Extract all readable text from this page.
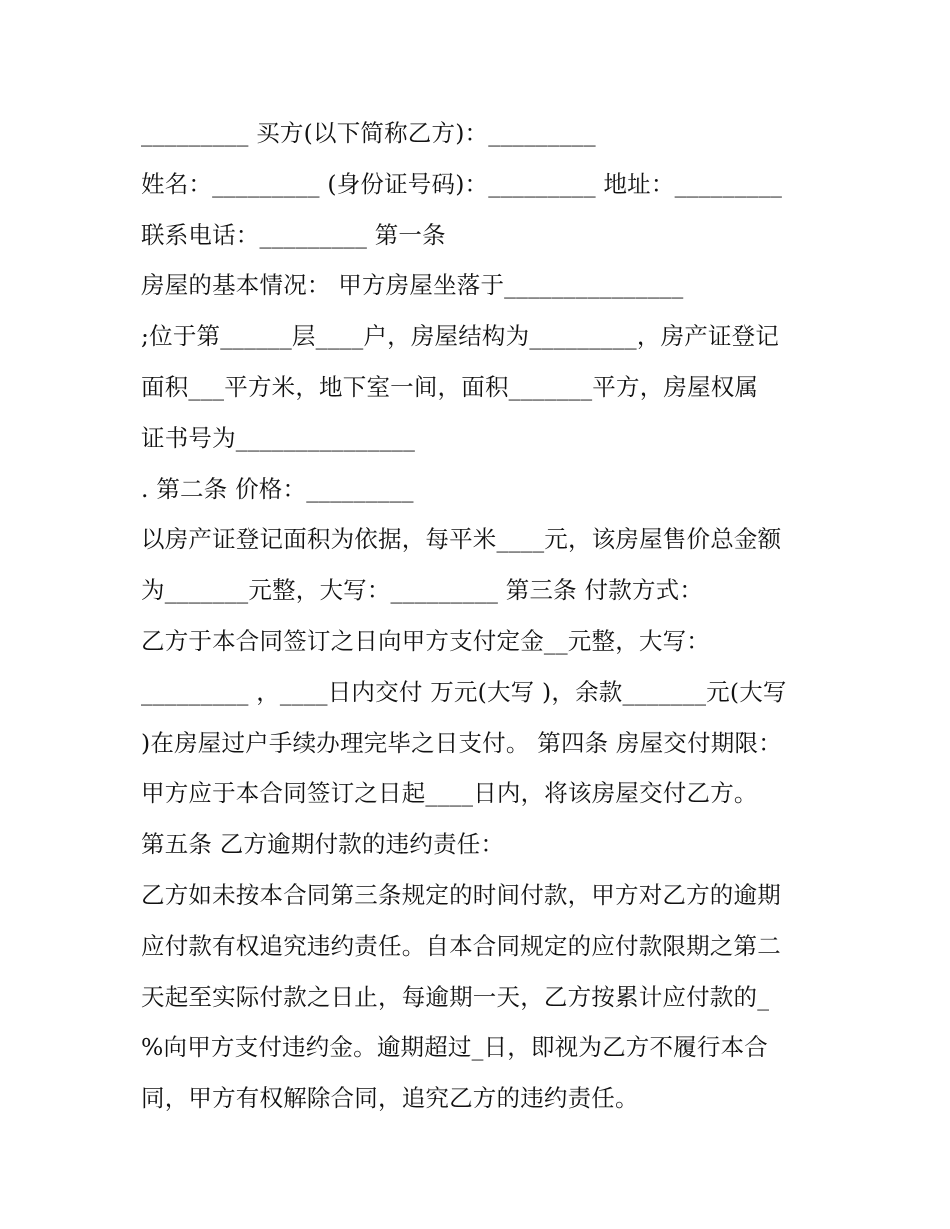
_________ 买方(以下简称乙方)：_________
姓名：_________ (身份证号码)：_________ 地址：_________
联系电话：_________ 第一条
房屋的基本情况： 甲方房屋坐落于_______________
;位于第______层____户，房屋结构为_________，房产证登记
面积___平方米，地下室一间，面积_______平方，房屋权属
证书号为_______________
. 第二条 价格：_________
以房产证登记面积为依据，每平米____元，该房屋售价总金额
为_______元整，大写：_________ 第三条 付款方式：
乙方于本合同签订之日向甲方支付定金__元整，大写：
_________ ，____日内交付 万元(大写 )，余款_______元(大写
)在房屋过户手续办理完毕之日支付。 第四条 房屋交付期限：
甲方应于本合同签订之日起____日内，将该房屋交付乙方。
第五条 乙方逾期付款的违约责任：
乙方如未按本合同第三条规定的时间付款，甲方对乙方的逾期
应付款有权追究违约责任。自本合同规定的应付款限期之第二
天起至实际付款之日止，每逾期一天，乙方按累计应付款的_
%向甲方支付违约金。逾期超过_日，即视为乙方不履行本合
同，甲方有权解除合同，追究乙方的违约责任。
